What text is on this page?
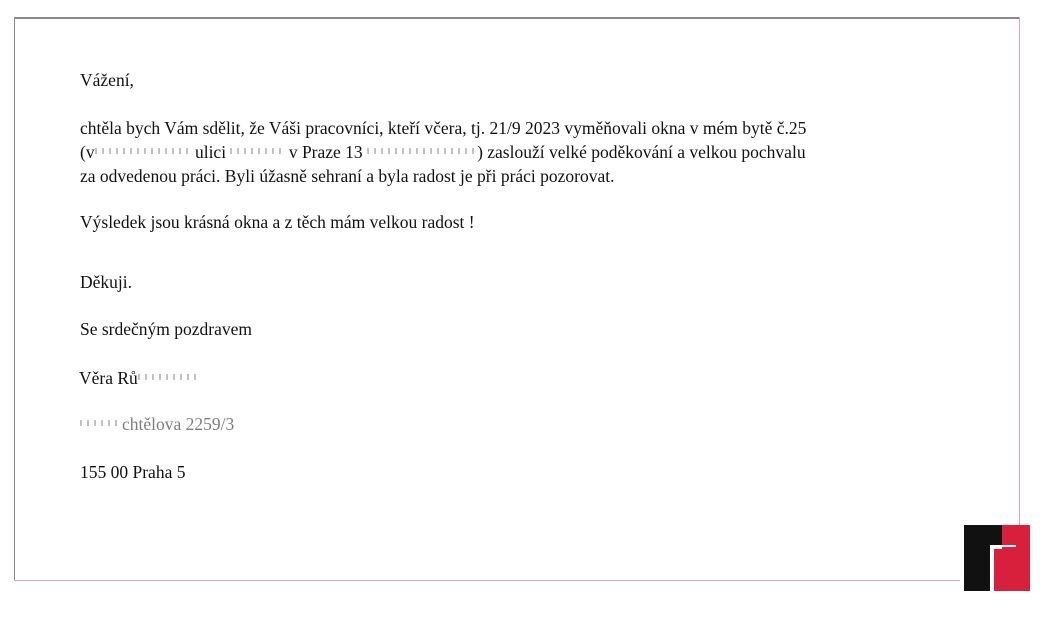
Vážení,
chtěla bych Vám sdělit, že Váši pracovníci, kteří včera, tj. 21/9 2023 vyměňovali okna v mém bytě č.25
(v	ulici	v Praze 13	) zaslouží velké poděkování a velkou pochvalu
za odvedenou práci. Byli úžasně sehraní a byla radost je při práci pozorovat.
Výsledek jsou krásná okna a z těch mám velkou radost !
Děkuji.
Se srdečným pozdravem
Věra Rů
chtělova 2259/3
155 00 Praha 5
